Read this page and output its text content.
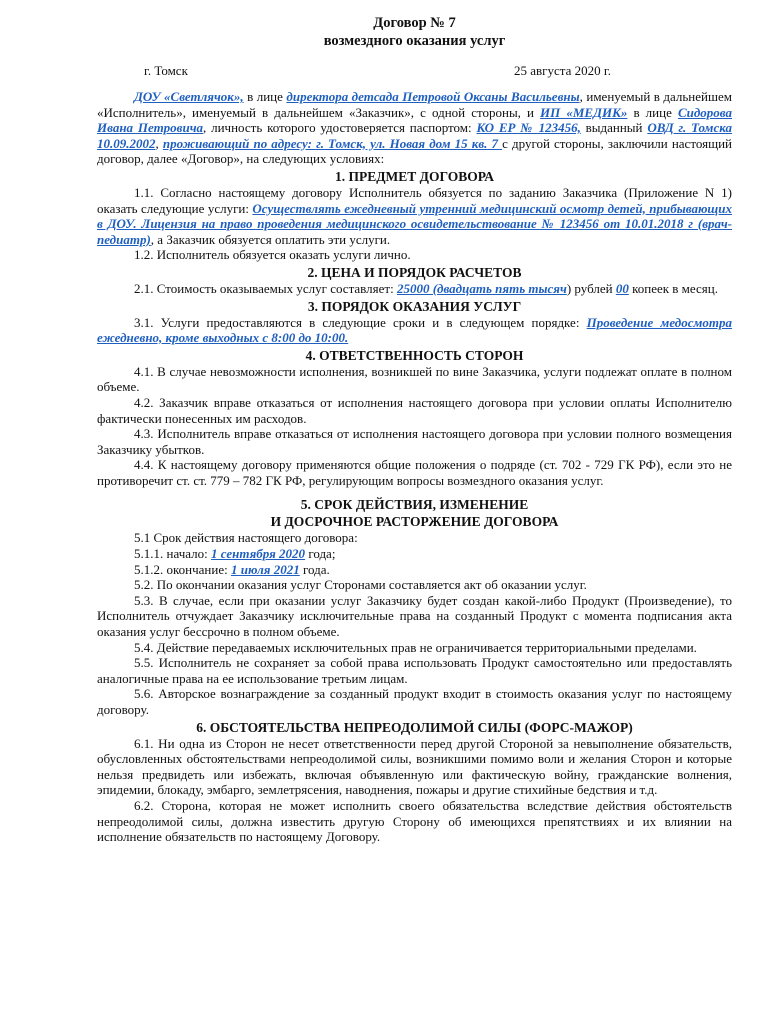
Договор № 7
возмездного оказания услуг
г. Томск	25 августа 2020 г.

ДОУ «Светлячок», в лице директора детсада Петровой Оксаны Васильевны, именуемый в дальнейшем «Исполнитель», именуемый в дальнейшем «Заказчик», с одной стороны, и ИП «МЕДИК» в лице Сидорова Ивана Петровича, личность которого удостоверяется паспортом: КО ЕР № 123456, выданный ОВД г. Томска 10.09.2002, проживающий по адресу: г. Томск, ул. Новая дом 15 кв. 7 с другой стороны, заключили настоящий договор, далее «Договор», на следующих условиях:

1. ПРЕДМЕТ ДОГОВОРА

1.1. Согласно настоящему договору Исполнитель обязуется по заданию Заказчика (Приложение N 1) оказать следующие услуги: Осуществлять ежедневный утренний медицинский осмотр детей, прибывающих в ДОУ. Лицензия на право проведения медицинского освидетельствование № 123456 от 10.01.2018 г (врач-педиатр), а Заказчик обязуется оплатить эти услуги.

1.2. Исполнитель обязуется оказать услуги лично.

2. ЦЕНА И ПОРЯДОК РАСЧЕТОВ

2.1. Стоимость оказываемых услуг составляет: 25000 (двадцать пять тысяч) рублей 00 копеек в месяц.

3. ПОРЯДОК ОКАЗАНИЯ УСЛУГ

3.1. Услуги предоставляются в следующие сроки и в следующем порядке: Проведение медосмотра ежедневно, кроме выходных с 8:00 до 10:00.

4. ОТВЕТСТВЕННОСТЬ СТОРОН

4.1. В случае невозможности исполнения, возникшей по вине Заказчика, услуги подлежат оплате в полном объеме.

4.2. Заказчик вправе отказаться от исполнения настоящего договора при условии оплаты Исполнителю фактически понесенных им расходов.

4.3. Исполнитель вправе отказаться от исполнения настоящего договора при условии полного возмещения Заказчику убытков.

4.4. К настоящему договору применяются общие положения о подряде (ст. 702 - 729 ГК РФ), если это не противоречит ст. ст. 779 – 782 ГК РФ, регулирующим вопросы возмездного оказания услуг.

5. СРОК ДЕЙСТВИЯ, ИЗМЕНЕНИЕ
И ДОСРОЧНОЕ РАСТОРЖЕНИЕ ДОГОВОРА

5.1 Срок действия настоящего договора:

5.1.1. начало: 1 сентября 2020 года;

5.1.2. окончание: 1 июля 2021 года.

5.2. По окончании оказания услуг Сторонами составляется акт об оказании услуг.

5.3. В случае, если при оказании услуг Заказчику будет создан какой-либо Продукт (Произведение), то Исполнитель отчуждает Заказчику исключительные права на созданный Продукт с момента подписания акта оказания услуг бессрочно в полном объеме.

5.4. Действие передаваемых исключительных прав не ограничивается территориальными пределами.

5.5. Исполнитель не сохраняет за собой права использовать Продукт самостоятельно или предоставлять аналогичные права на ее использование третьим лицам.

5.6. Авторское вознаграждение за созданный продукт входит в стоимость оказания услуг по настоящему договору.

6. ОБСТОЯТЕЛЬСТВА НЕПРЕОДОЛИМОЙ СИЛЫ (ФОРС-МАЖОР)

6.1. Ни одна из Сторон не несет ответственности перед другой Стороной за невыполнение обязательств, обусловленных обстоятельствами непреодолимой силы, возникшими помимо воли и желания Сторон и которые нельзя предвидеть или избежать, включая объявленную или фактическую войну, гражданские волнения, эпидемии, блокаду, эмбарго, землетрясения, наводнения, пожары и другие стихийные бедствия и т.д.

6.2. Сторона, которая не может исполнить своего обязательства вследствие действия обстоятельств непреодолимой силы, должна известить другую Сторону об имеющихся препятствиях и их влиянии на исполнение обязательств по настоящему Договору.
